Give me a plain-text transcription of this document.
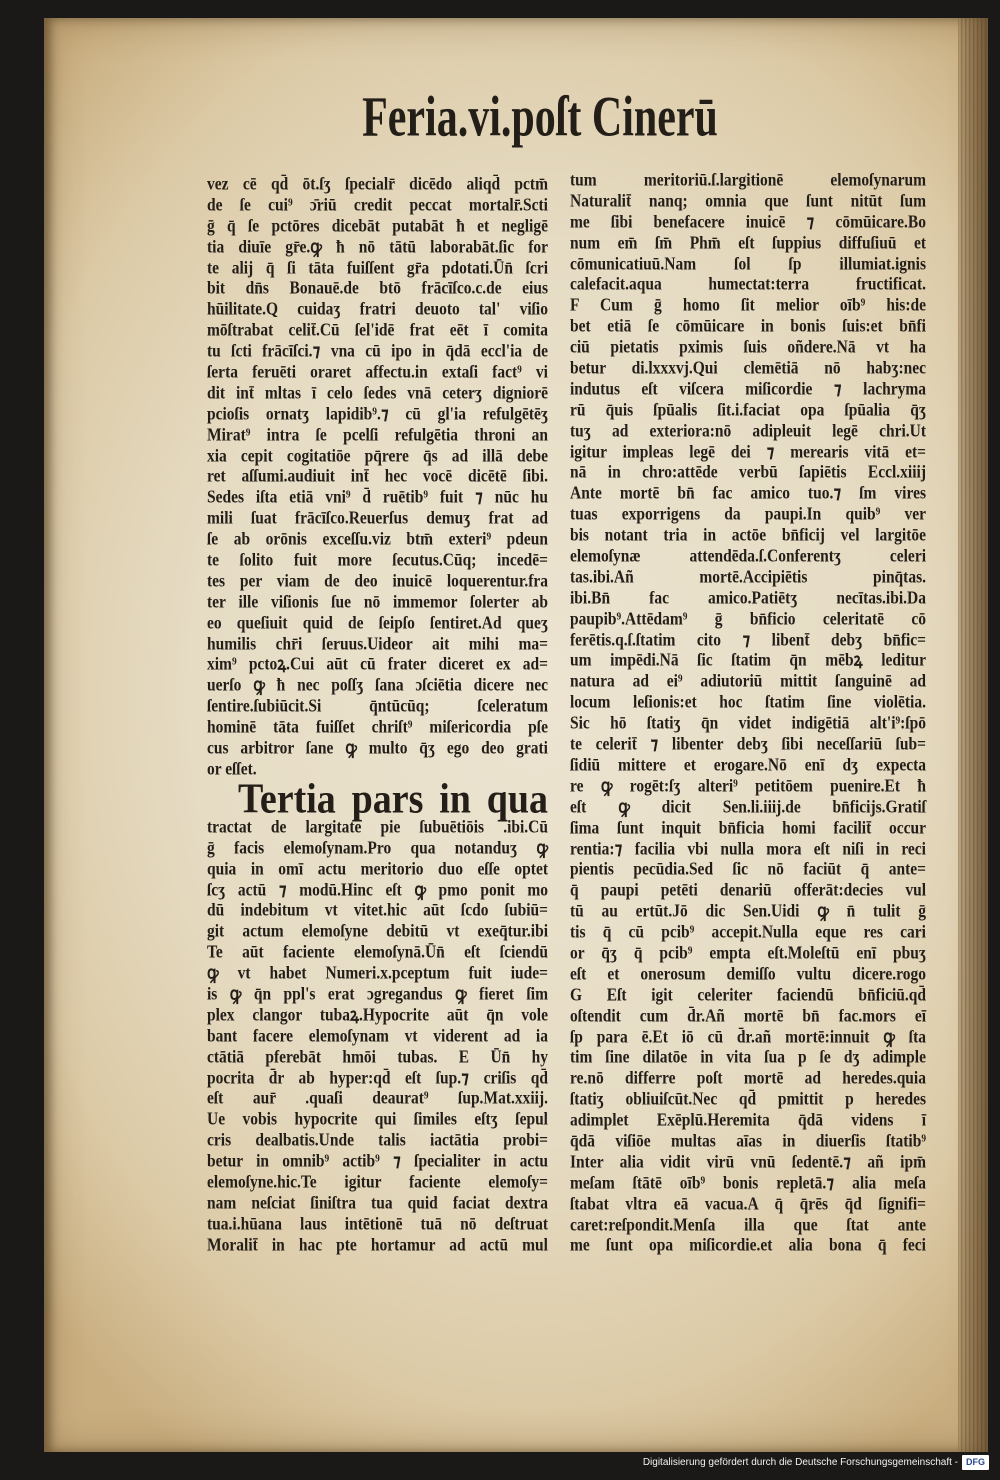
Feria.vi.poſt Cinerū
vez cē qd̄ ōt.ſʒ ſpecialr̄ dicēdo aliqd̄ pctm̄
de ſe cui⁹ ɔ̄riū credit peccat mortalr̄.Scti
ḡ q̄ ſe pctōres dicebāt putabāt ħ et negligē
tia diuīe gr̄e.ꝙ ħ nō tātū laborabāt.ſic for
te alij q̄ ſi tāta fuiſſent gr̄a pdotati.Ūn̄ ſcri
bit dn̄s Bonauē.de btō frācīſco.c.de eius
hūilitate.Q cuidaʒ fratri deuoto tal' viſio
mōſtrabat celit̄.Cū ſel'idē frat eēt ī comita
tu ſcti frācīſci.⁊ vna cū ipo in q̄dā eccl'ia de
ſerta feruēti oraret affectu.in extaſi fact⁹ vi
dit int̄ mltas ī celo ſedes vnā ceterʒ digniorē
pcioſis ornatʒ lapidib⁹.⁊ cū gl'ia refulgētēʒ
Mirat⁹ intra ſe pcelſi refulgētia throni an
xia cepit cogitatiōe pq̄rere q̄s ad illā debe
ret aſſumi.audiuit int̄ hec vocē dicētē ſibi.
Sedes iſta etiā vni⁹ d̄ ruētib⁹ fuit ⁊ nūc hu
mili ſuat frācīſco.Reuerſus demuʒ frat ad
ſe ab orōnis exceſſu.viz btm̄ exteri⁹ pdeun
te ſolito fuit more ſecutus.Cūq; incedē=
tes per viam de deo inuicē loquerentur.fra
ter ille viſionis ſue nō immemor ſolerter ab
eo queſiuit quid de ſeipſo ſentiret.Ad queʒ
humilis chr̄i ſeruus.Uideor ait mihi ma=
xim⁹ pctoꝝ.Cui aūt cū frater diceret ex ad=
uerſo ꝙ ħ nec poſſʒ ſana ɔſciētia dicere nec
ſentire.ſubiūcit.Si q̄ntūcūq; ſceleratum
hominē tāta fuiſſet chriſt⁹ miſericordia pſe
cus arbitror ſane ꝙ multo q̄ʒ ego deo grati
or eſſet.
Tertia pars in qua
tractat de largitate pie ſubuētiōis .ibi.Cū
ḡ facis elemoſynam.Pro qua notanduʒ ꝙ
quia in omī actu meritorio duo eſſe optet
ſcʒ actū ⁊ modū.Hinc eſt ꝙ pmo ponit mo
dū indebitum vt vitet.hic aūt ſcdo ſubiū=
git actum elemoſyne debitū vt exeq̄tur.ibi
Te aūt faciente elemoſynā.Ūn̄ eſt ſciendū
ꝙ vt habet Numeri.x.pceptum fuit iude=
is ꝙ q̄n ppl's erat ɔgregandus ꝙ fieret ſim
plex clangor tubaꝝ.Hypocrite aūt q̄n vole
bant facere elemoſynam vt viderent ad ia
ctātiā pferebāt hmōi tubas. E Ūn̄ hy
pocrita d̄r ab hyper:qd̄ eſt ſup.⁊ criſis qd̄
eſt aur̄ .quaſi deaurat⁹ ſup.Mat.xxiij.
Ue vobis hypocrite qui ſimiles eſtʒ ſepul
cris dealbatis.Unde talis iactātia probi=
betur in omnib⁹ actib⁹ ⁊ ſpecialiter in actu
elemoſyne.hic.Te igitur faciente elemoſy=
nam neſciat ſiniſtra tua quid faciat dextra
tua.i.hūana laus intētionē tuā nō deſtruat
Moralit̄ in hac pte hortamur ad actū mul
tum meritoriū.ſ.largitionē elemoſynarum
Naturalit̄ nanq; omnia que ſunt nitūt ſum
me ſibi benefacere inuicē ⁊ cōmūicare.Bo
num em̄ ſm̄ Phm̄ eſt ſuppius diffuſiuū et
cōmunicatiuū.Nam ſol ſp illumiat.ignis
calefacit.aqua humectat:terra fructificat.
F Cum ḡ homo ſit melior oīb⁹ his:de
bet etiā ſe cōmūicare in bonis ſuis:et bn̄fi
ciū pietatis pximis ſuis oñdere.Nā vt ha
betur di.lxxxvj.Qui clemētiā nō habʒ:nec
indutus eſt viſcera miſicordie ⁊ lachryma
rū q̄uis ſpūalis ſit.i.faciat opa ſpūalia q̄ʒ
tuʒ ad exteriora:nō adipleuit legē chri.Ut
igitur impleas legē dei ⁊ merearis vitā et=
nā in chro:attēde verbū ſapiētis Eccl.xiiij
Ante mortē bn̄ fac amico tuo.⁊ ſm vires
tuas exporrigens da paupi.In quib⁹ ver
bis notant tria in actōe bn̄ficij vel largitōe
elemoſynæ attendēda.ſ.Conferentʒ celeri
tas.ibi.Añ mortē.Accipiētis pinq̄tas.
ibi.Bn̄ fac amico.Patiētʒ necītas.ibi.Da
paupib⁹.Attēdam⁹ ḡ bn̄ficio celeritatē cō
ferētis.q.ſ.ſtatim cito ⁊ libent̄ debʒ bn̄fic=
um impēdi.Nā ſic ſtatim q̄n mēbꝝ leditur
natura ad ei⁹ adiutoriū mittit ſanguinē ad
locum leſionis:et hoc ſtatim ſine violētia.
Sic hō ſtatiʒ q̄n videt indigētiā alt'i⁹:ſpō
te celerit̄ ⁊ libenter debʒ ſibi neceſſariū ſub=
ſidiū mittere et erogare.Nō enī dʒ expecta
re ꝙ rogēt:ſʒ alteri⁹ petitōem puenire.Et ħ
eſt ꝙ dicit Sen.li.iiij.de bn̄ficijs.Gratiſ
ſima ſunt inquit bn̄ficia homi facilit̄ occur
rentia:⁊ facilia vbi nulla mora eſt niſi in reci
pientis pecūdia.Sed ſic nō faciūt q̄ ante=
q̄ paupi petēti denariū offerāt:decies vul
tū au ertūt.Jō dic Sen.Uidi ꝙ n̄ tulit ḡ
tis q̄ cū pcib⁹ accepit.Nulla eque res cari
or q̄ʒ q̄ pcib⁹ empta eſt.Moleſtū enī pbuʒ
eſt et onerosum demiſſo vultu dicere.rogo
G Eſt igit celeriter faciendū bn̄ficiū.qd̄
oſtendit cum d̄r.Añ mortē bn̄ fac.mors eī
ſp para ē.Et iō cū d̄r.añ mortē:innuit ꝙ ſta
tim ſine dilatōe in vita ſua p ſe dʒ adimple
re.nō differre poſt mortē ad heredes.quia
ſtatiʒ obliuiſcūt.Nec qd̄ pmittit p heredes
adimplet Exēplū.Heremita q̄dā videns ī
q̄dā viſiōe multas aīas in diuerſis ſtatib⁹
Inter alia vidit virū vnū ſedentē.⁊ añ ipm̄
meſam ſtātē oīb⁹ bonis repletā.⁊ alia meſa
ſtabat vltra eā vacua.A q̄ q̄rēs q̄d ſignifi=
caret:reſpondit.Menſa illa que ſtat ante
me ſunt opa miſicordie.et alia bona q̄ feci
Digitalisierung gefördert durch die Deutsche Forschungsgemeinschaft - DFG
